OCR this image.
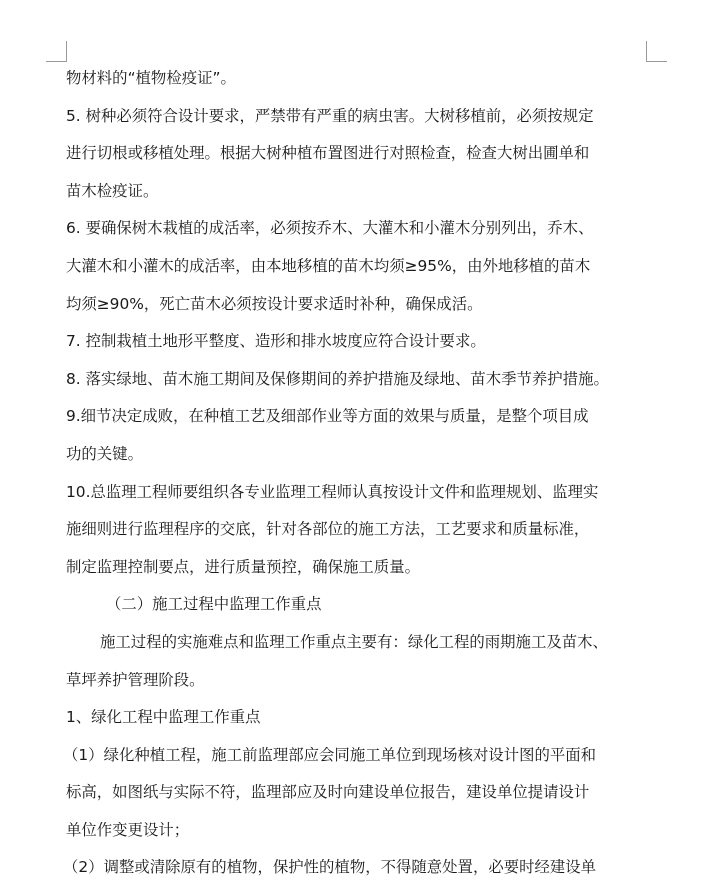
物材料的“植物检疫证”。
5. 树种必须符合设计要求，严禁带有严重的病虫害。大树移植前，必须按规定
进行切根或移植处理。根据大树种植布置图进行对照检查，检查大树出圃单和
苗木检疫证。
6. 要确保树木栽植的成活率，必须按乔木、大灌木和小灌木分别列出，乔木、
大灌木和小灌木的成活率，由本地移植的苗木均须≥95%，由外地移植的苗木
均须≥90%，死亡苗木必须按设计要求适时补种，确保成活。
7. 控制栽植土地形平整度、造形和排水坡度应符合设计要求。
8. 落实绿地、苗木施工期间及保修期间的养护措施及绿地、苗木季节养护措施。
9.细节决定成败，在种植工艺及细部作业等方面的效果与质量，是整个项目成
功的关键。
10.总监理工程师要组织各专业监理工程师认真按设计文件和监理规划、监理实
施细则进行监理程序的交底，针对各部位的施工方法，工艺要求和质量标准，
制定监理控制要点，进行质量预控，确保施工质量。
（二）施工过程中监理工作重点
施工过程的实施难点和监理工作重点主要有：绿化工程的雨期施工及苗木、
草坪养护管理阶段。
1、绿化工程中监理工作重点
（1）绿化种植工程，施工前监理部应会同施工单位到现场核对设计图的平面和
标高，如图纸与实际不符，监理部应及时向建设单位报告，建设单位提请设计
单位作变更设计；
（2）调整或清除原有的植物，保护性的植物，不得随意处置，必要时经建设单
